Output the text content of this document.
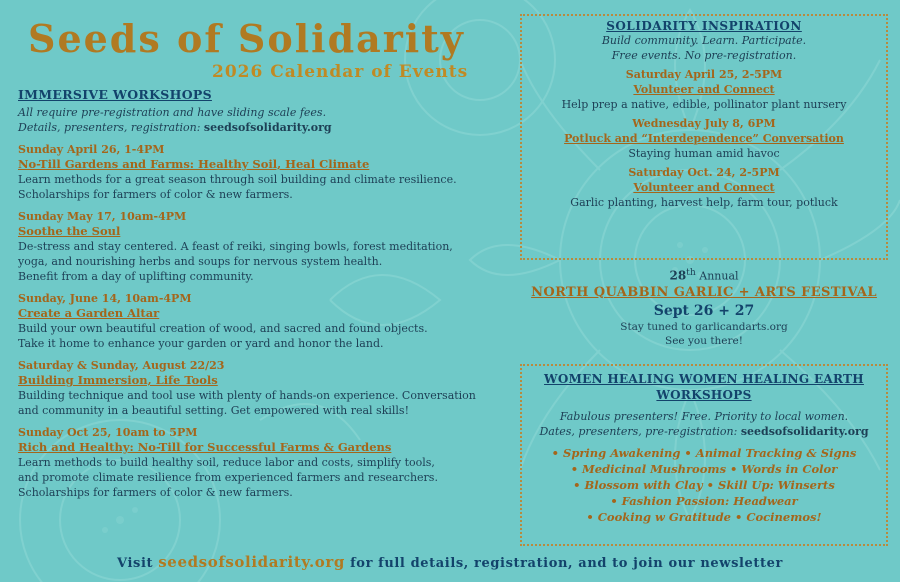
Seeds of Solidarity
2026 Calendar of Events
IMMERSIVE WORKSHOPS
All require pre-registration and have sliding scale fees.
Details, presenters, registration: seedsofsolidarity.org
Sunday April 26, 1-4PM
No-Till Gardens and Farms: Healthy Soil, Heal Climate
Learn methods for a great season through soil building and climate resilience.
Scholarships for farmers of color & new farmers.
Sunday May 17, 10am-4PM
Soothe the Soul
De-stress and stay centered. A feast of reiki, singing bowls, forest meditation,
yoga, and nourishing herbs and soups for nervous system health.
Benefit from a day of uplifting community.
Sunday, June 14, 10am-4PM
Create a Garden Altar
Build your own beautiful creation of wood, and sacred and found objects.
Take it home to enhance your garden or yard and honor the land.
Saturday & Sunday, August 22/23
Building Immersion, Life Tools
Building technique and tool use with plenty of hands-on experience. Conversation
and community in a beautiful setting. Get empowered with real skills!
Sunday Oct 25, 10am to 5PM
Rich and Healthy: No-Till for Successful Farms & Gardens
Learn methods to build healthy soil, reduce labor and costs, simplify tools,
and promote climate resilience from experienced farmers and researchers.
Scholarships for farmers of color & new farmers.
SOLIDARITY INSPIRATION
Build community. Learn. Participate.
Free events. No pre-registration.
Saturday April 25, 2-5PM
Volunteer and Connect
Help prep a native, edible, pollinator plant nursery
Wednesday July 8, 6PM
Potluck and “Interdependence” Conversation
Staying human amid havoc
Saturday Oct. 24, 2-5PM
Volunteer and Connect
Garlic planting, harvest help, farm tour, potluck
28th Annual
NORTH QUABBIN GARLIC + ARTS FESTIVAL
Sept 26 + 27
Stay tuned to garlicandarts.org
See you there!
WOMEN HEALING WOMEN HEALING EARTH
WORKSHOPS
Fabulous presenters! Free. Priority to local women.
Dates, presenters, pre-registration: seedsofsolidarity.org
• Spring Awakening • Animal Tracking & Signs
• Medicinal Mushrooms • Words in Color
• Blossom with Clay • Skill Up: Winserts
• Fashion Passion: Headwear
• Cooking w Gratitude • Cocinemos!
Visit seedsofsolidarity.org for full details, registration, and to join our newsletter
